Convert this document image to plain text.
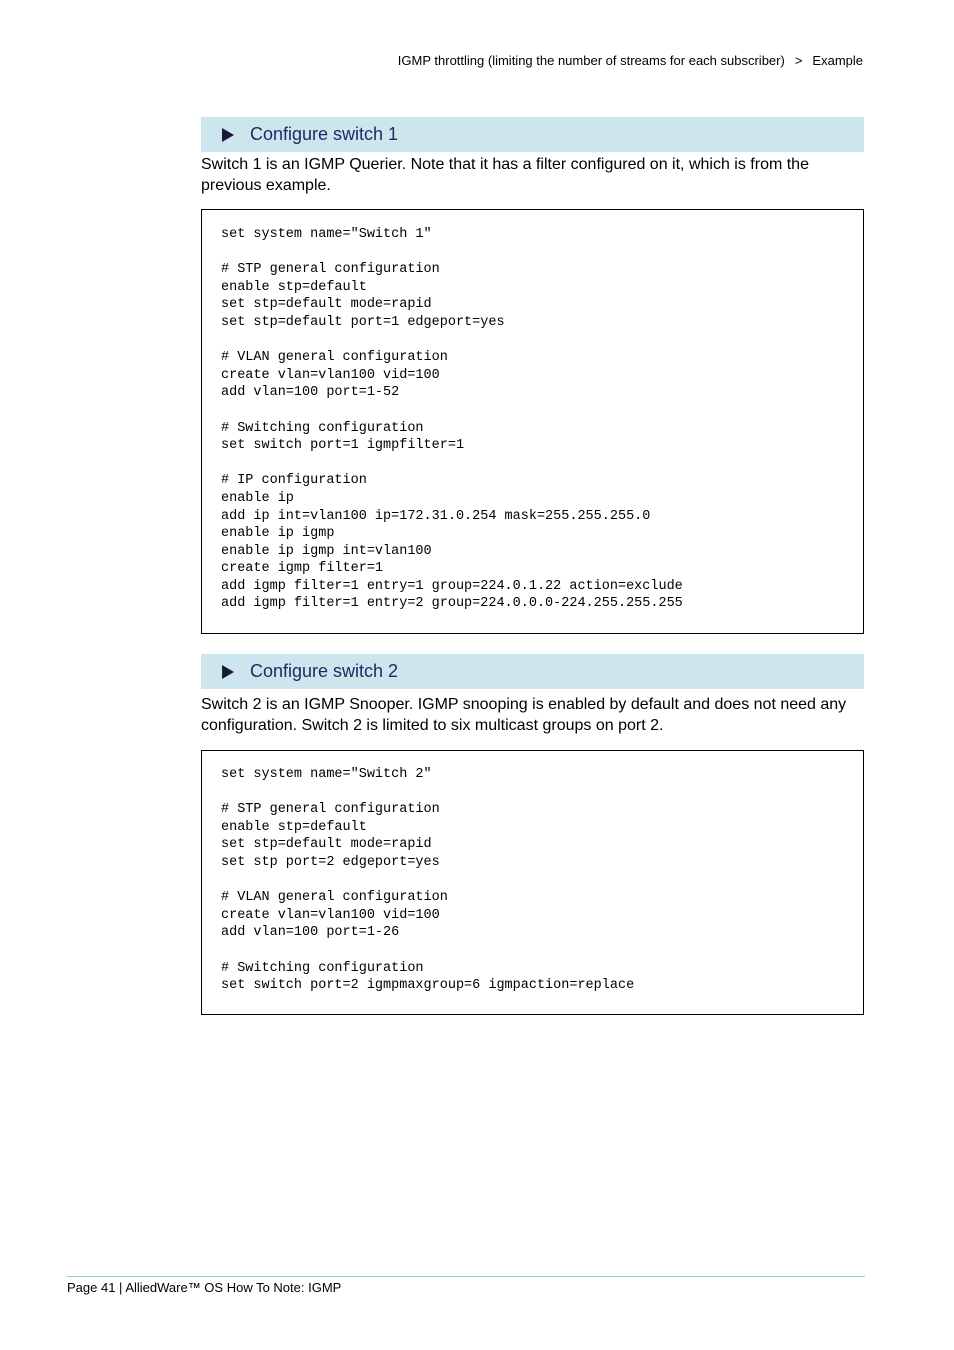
IGMP throttling (limiting the number of streams for each subscriber) > Example
Configure switch 1
Switch 1 is an IGMP Querier. Note that it has a filter configured on it, which is from the previous example.
set system name="Switch 1"

# STP general configuration
enable stp=default
set stp=default mode=rapid
set stp=default port=1 edgeport=yes

# VLAN general configuration
create vlan=vlan100 vid=100
add vlan=100 port=1-52

# Switching configuration
set switch port=1 igmpfilter=1

# IP configuration
enable ip
add ip int=vlan100 ip=172.31.0.254 mask=255.255.255.0
enable ip igmp
enable ip igmp int=vlan100
create igmp filter=1
add igmp filter=1 entry=1 group=224.0.1.22 action=exclude
add igmp filter=1 entry=2 group=224.0.0.0-224.255.255.255
Configure switch 2
Switch 2 is an IGMP Snooper. IGMP snooping is enabled by default and does not need any configuration. Switch 2 is limited to six multicast groups on port 2.
set system name="Switch 2"

# STP general configuration
enable stp=default
set stp=default mode=rapid
set stp port=2 edgeport=yes

# VLAN general configuration
create vlan=vlan100 vid=100
add vlan=100 port=1-26

# Switching configuration
set switch port=2 igmpmaxgroup=6 igmpaction=replace
Page 41 | AlliedWare™ OS How To Note: IGMP
